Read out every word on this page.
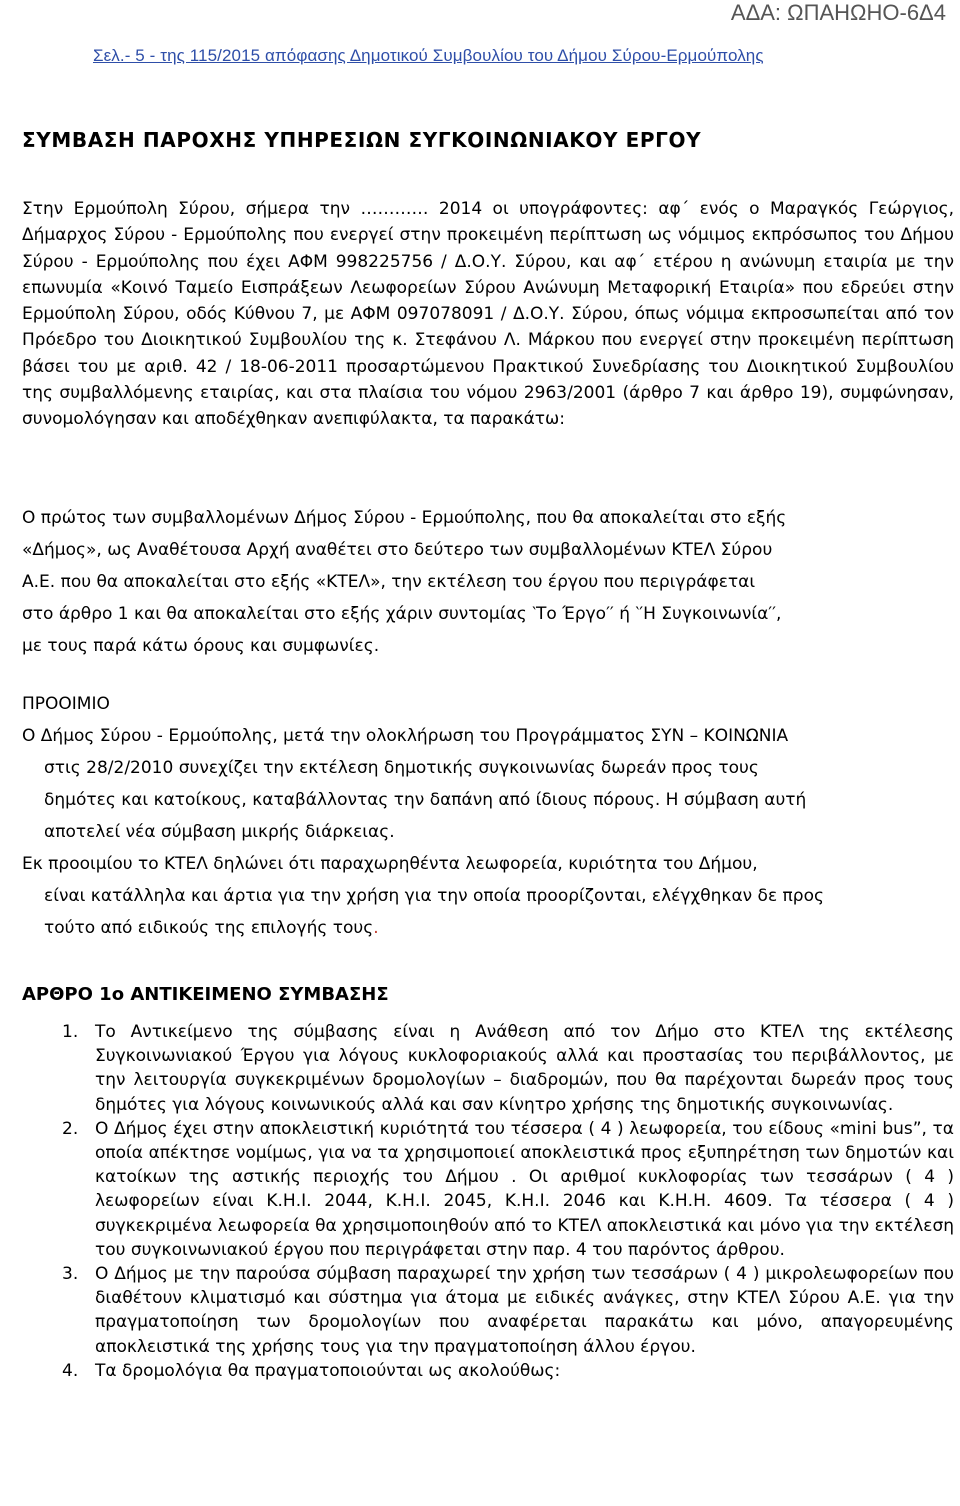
ΑΔΑ: ΩΠΑΗΩΗΟ-6Δ4
Σελ.- 5 - της 115/2015 απόφασης Δημοτικού Συμβουλίου του Δήμου Σύρου-Ερμούπολης
ΣΥΜΒΑΣΗ ΠΑΡΟΧΗΣ ΥΠΗΡΕΣΙΩΝ ΣΥΓΚΟΙΝΩΝΙΑΚΟΥ ΕΡΓΟΥ
Στην Ερμούπολη Σύρου, σήμερα την ………… 2014 οι υπογράφοντες: αφ΄ ενός ο Μαραγκός Γεώργιος, Δήμαρχος Σύρου - Ερμούπολης που ενεργεί στην προκειμένη περίπτωση ως νόμιμος εκπρόσωπος του Δήμου Σύρου - Ερμούπολης που έχει ΑΦΜ 998225756 / Δ.Ο.Υ. Σύρου, και αφ΄ ετέρου η ανώνυμη εταιρία με την επωνυμία «Κοινό Ταμείο Εισπράξεων Λεωφορείων Σύρου Ανώνυμη Μεταφορική Εταιρία» που εδρεύει στην Ερμούπολη Σύρου, οδός Κύθνου 7, με ΑΦΜ 097078091 / Δ.Ο.Υ. Σύρου, όπως νόμιμα εκπροσωπείται από τον Πρόεδρο του Διοικητικού Συμβουλίου της κ. Στεφάνου Λ. Μάρκου που ενεργεί στην προκειμένη περίπτωση βάσει του με αριθ. 42 / 18-06-2011 προσαρτώμενου Πρακτικού Συνεδρίασης του Διοικητικού Συμβουλίου της συμβαλλόμενης εταιρίας, και στα πλαίσια του νόμου 2963/2001 (άρθρο 7 και άρθρο 19), συμφώνησαν, συνομολόγησαν και αποδέχθηκαν ανεπιφύλακτα, τα παρακάτω:
Ο πρώτος των συμβαλλομένων Δήμος Σύρου - Ερμούπολης, που θα αποκαλείται στο εξής
«Δήμος», ως Αναθέτουσα Αρχή αναθέτει στο δεύτερο των συμβαλλομένων ΚΤΕΛ Σύρου
Α.Ε. που θα αποκαλείται στο εξής «ΚΤΕΛ», την εκτέλεση του έργου που περιγράφεται
στο άρθρο 1 και θα αποκαλείται στο εξής χάριν συντομίας ‵Το Έργο′′ ή ‵′Η Συγκοινωνία′′,
με τους παρά κάτω όρους και συμφωνίες.
ΠΡΟΟΙΜΙΟ
Ο Δήμος Σύρου - Ερμούπολης, μετά την ολοκλήρωση του Προγράμματος ΣΥΝ – ΚΟΙΝΩΝΙΑ
στις 28/2/2010 συνεχίζει την εκτέλεση δημοτικής συγκοινωνίας δωρεάν προς τους
δημότες και κατοίκους, καταβάλλοντας την δαπάνη από ίδιους πόρους. Η σύμβαση αυτή
αποτελεί νέα σύμβαση μικρής διάρκειας.
Εκ προοιμίου το ΚΤΕΛ δηλώνει ότι παραχωρηθέντα λεωφορεία, κυριότητα του Δήμου,
είναι κατάλληλα και άρτια για την χρήση για την οποία προορίζονται, ελέγχθηκαν δε προς
τούτο από ειδικούς της επιλογής τους.
ΑΡΘΡΟ 1ο ΑΝΤΙΚΕΙΜΕΝΟ ΣΥΜΒΑΣΗΣ
1. Το Αντικείμενο της σύμβασης είναι η Ανάθεση από τον Δήμο στο ΚΤΕΛ της εκτέλεσης Συγκοινωνιακού Έργου για λόγους κυκλοφοριακούς αλλά και προστασίας του περιβάλλοντος, με την λειτουργία συγκεκριμένων δρομολογίων – διαδρομών, που θα παρέχονται δωρεάν προς τους δημότες για λόγους κοινωνικούς αλλά και σαν κίνητρο χρήσης της δημοτικής συγκοινωνίας.
2. Ο Δήμος έχει στην αποκλειστική κυριότητά του τέσσερα ( 4 ) λεωφορεία, του είδους «mini bus”, τα οποία απέκτησε νομίμως, για να τα χρησιμοποιεί αποκλειστικά προς εξυπηρέτηση των δημοτών και κατοίκων της αστικής περιοχής του Δήμου . Οι αριθμοί κυκλοφορίας των τεσσάρων ( 4 ) λεωφορείων είναι Κ.Η.Ι. 2044, Κ.Η.Ι. 2045, Κ.Η.Ι. 2046 και Κ.Η.Η. 4609. Τα τέσσερα ( 4 ) συγκεκριμένα λεωφορεία θα χρησιμοποιηθούν από το ΚΤΕΛ αποκλειστικά και μόνο για την εκτέλεση του συγκοινωνιακού έργου που περιγράφεται στην παρ. 4 του παρόντος άρθρου.
3. Ο Δήμος με την παρούσα σύμβαση παραχωρεί την χρήση των τεσσάρων ( 4 ) μικρολεωφορείων που διαθέτουν κλιματισμό και σύστημα για άτομα με ειδικές ανάγκες, στην ΚΤΕΛ Σύρου Α.Ε. για την πραγματοποίηση των δρομολογίων που αναφέρεται παρακάτω και μόνο, απαγορευμένης αποκλειστικά της χρήσης τους για την πραγματοποίηση άλλου έργου.
4. Τα δρομολόγια θα πραγματοποιούνται ως ακολούθως:
